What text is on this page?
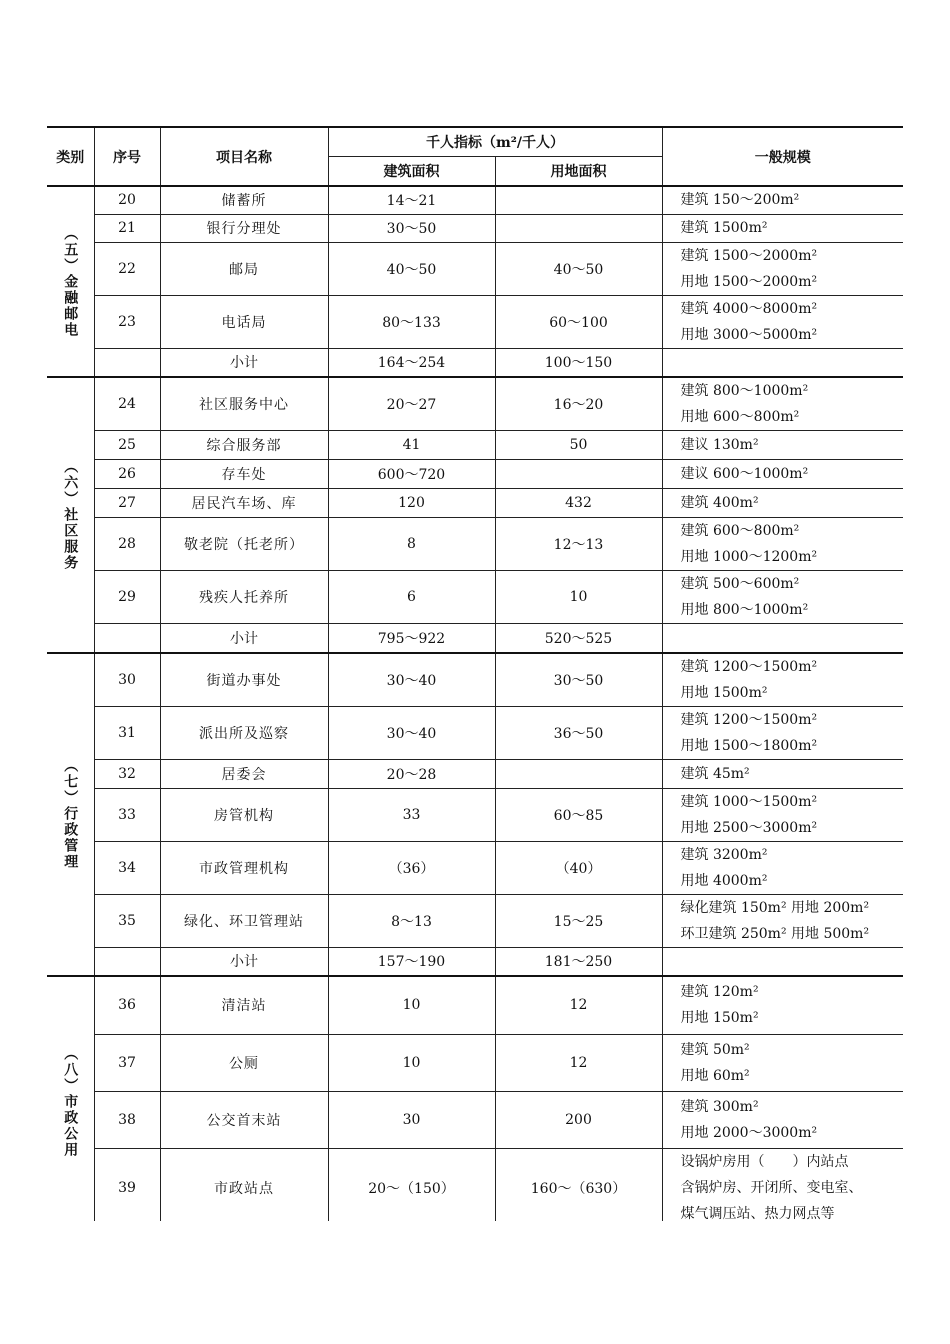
类别	序号	项目名称	千人指标（m²/千人）		一般规模
			建筑面积	用地面积	

（五）金融邮电	20	储蓄所	14～21		建筑 150～200m²

	21	银行分理处	30～50		建筑 1500m²

	22	邮局	40～50	40～50	建筑 1500～2000m²
用地 1500～2000m²

	23	电话局	80～133	60～100	建筑 4000～8000m²
用地 3000～5000m²

		小计	164～254	100～150	

（六）社区服务	24	社区服务中心	20～27	16～20	建筑 800～1000m²
用地 600～800m²

	25	综合服务部	41	50	建议 130m²

	26	存车处	600～720		建议 600～1000m²

	27	居民汽车场、库	120	432	建筑 400m²

	28	敬老院（托老所）	8	12～13	建筑 600～800m²
用地 1000～1200m²

	29	残疾人托养所	6	10	建筑 500～600m²
用地 800～1000m²

		小计	795～922	520～525	

（七）行政管理	30	街道办事处	30～40	30～50	建筑 1200～1500m²
用地 1500m²

	31	派出所及巡察	30～40	36～50	建筑 1200～1500m²
用地 1500～1800m²

	32	居委会	20～28		建筑 45m²

	33	房管机构	33	60～85	建筑 1000～1500m²
用地 2500～3000m²

	34	市政管理机构	（36）	（40）	建筑 3200m²
用地 4000m²

	35	绿化、环卫管理站	8～13	15～25	绿化建筑 150m² 用地 200m²
环卫建筑 250m² 用地 500m²

		小计	157～190	181～250	

（八）市政公用	36	清洁站	10	12	建筑 120m²
用地 150m²

	37	公厕	10	12	建筑 50m²
用地 60m²

	38	公交首末站	30	200	建筑 300m²
用地 2000～3000m²

	39	市政站点	20～（150）	160～（630）	设锅炉房用（　　）内站点
含锅炉房、开闭所、变电室、
煤气调压站、热力网点等
